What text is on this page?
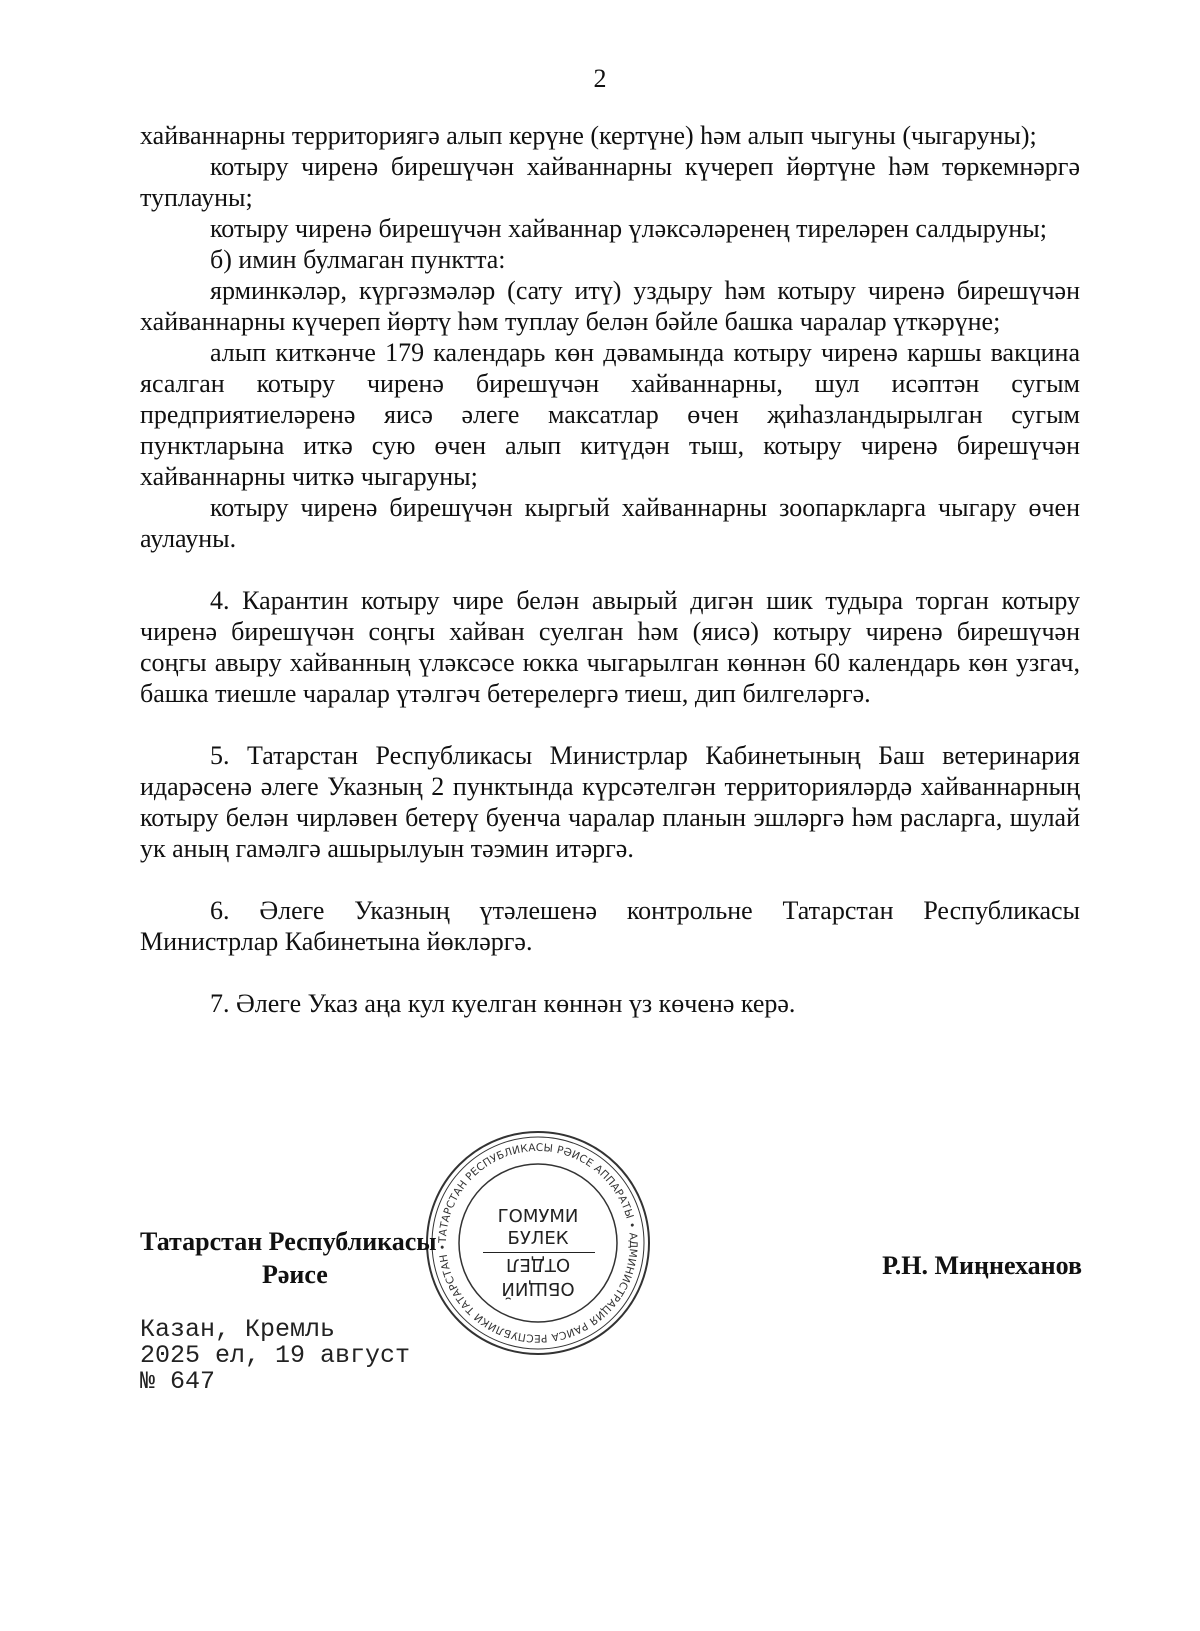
2

хайваннарны территориягә алып керүне (кертүне) һәм алып чыгуны (чыгаруны);

котыру чиренә бирешүчән хайваннарны күчереп йөртүне һәм төркемнәргә туплауны;

котыру чиренә бирешүчән хайваннар үләксәләренең тиреләрен салдыруны;

б) имин булмаган пунктта:

ярминкәләр, күргәзмәләр (сату итү) уздыру һәм котыру чиренә бирешүчән хайваннарны күчереп йөртү һәм туплау белән бәйле башка чаралар үткәрүне;

алып киткәнче 179 календарь көн дәвамында котыру чиренә каршы вакцина ясалган котыру чиренә бирешүчән хайваннарны, шул исәптән сугым предприятиеләренә яисә әлеге максатлар өчен җиһазландырылган сугым пунктларына иткә сую өчен алып китүдән тыш, котыру чиренә бирешүчән хайваннарны читкә чыгаруны;

котыру чиренә бирешүчән кыргый хайваннарны зоопаркларга чыгару өчен аулауны.

4. Карантин котыру чире белән авырый дигән шик тудыра торган котыру чиренә бирешүчән соңгы хайван суелган һәм (яисә) котыру чиренә бирешүчән соңгы авыру хайванның үләксәсе юкка чыгарылган көннән 60 календарь көн узгач, башка тиешле чаралар үтәлгәч бетерелергә тиеш, дип билгеләргә.

5. Татарстан Республикасы Министрлар Кабинетының Баш ветеринария идарәсенә әлеге Указның 2 пунктында күрсәтелгән территорияләрдә хайваннарның котыру белән чирләвен бетерү буенча чаралар планын эшләргә һәм расларга, шулай ук аның гамәлгә ашырылуын тәэмин итәргә.

6. Әлеге Указның үтәлешенә контрольне Татарстан Республикасы Министрлар Кабинетына йөкләргә.

7. Әлеге Указ аңа кул куелган көннән үз көченә керә.

ТАТАРСТАН РЕСПУБЛИКАСЫ РӘИСЕ АППАРАТЫ • АДМИНИСТРАЦИЯ РАИСА РЕСПУБЛИКИ ТАТАРСТАН •
ГОМУМИ
БУЛЕК
ОТДЕЛ
ОБЩИЙ
Татарстан Республикасы
Рәисе	Р.Н. Миңнеханов
Казан, Кремль
2025 ел, 19 август
№ 647
